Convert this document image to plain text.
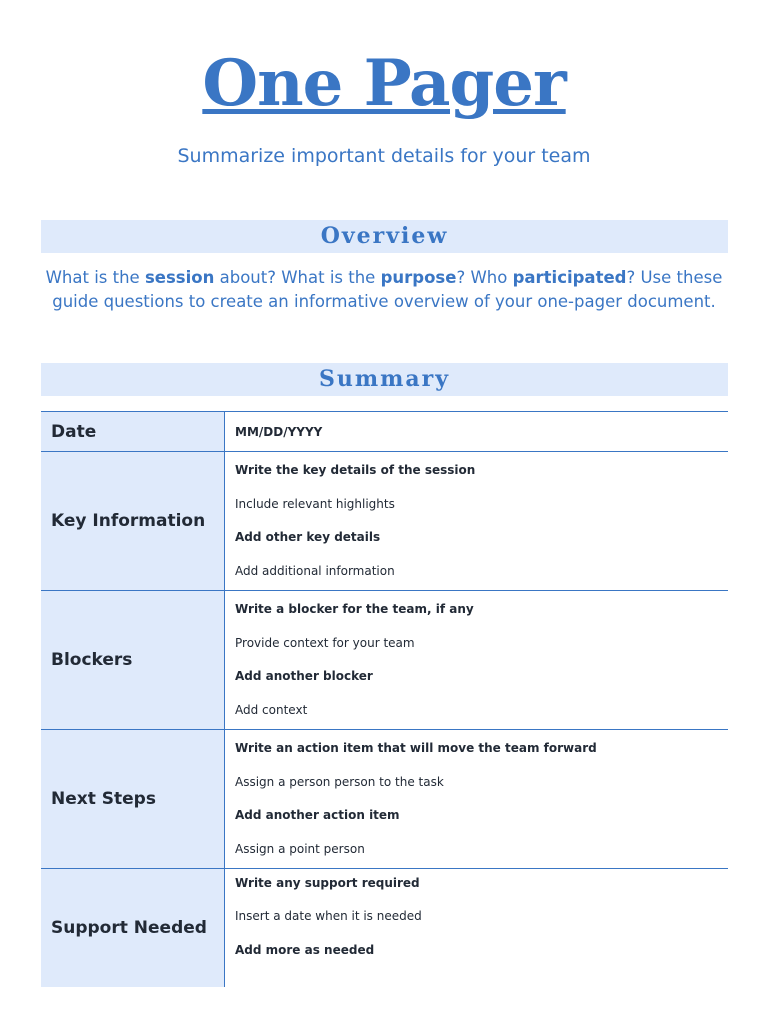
One Pager
Summarize important details for your team
Overview
What is the session about? What is the purpose? Who participated? Use these guide questions to create an informative overview of your one-pager document.
Summary
Date	MM/DD/YYYY
Key Information	Write the key details of the session
Include relevant highlights
Add other key details
Add additional information

Blockers	Write a blocker for the team, if any
Provide context for your team
Add another blocker
Add context

Next Steps	Write an action item that will move the team forward
Assign a person person to the task
Add another action item
Assign a point person

Support Needed	Write any support required
Insert a date when it is needed
Add more as needed
